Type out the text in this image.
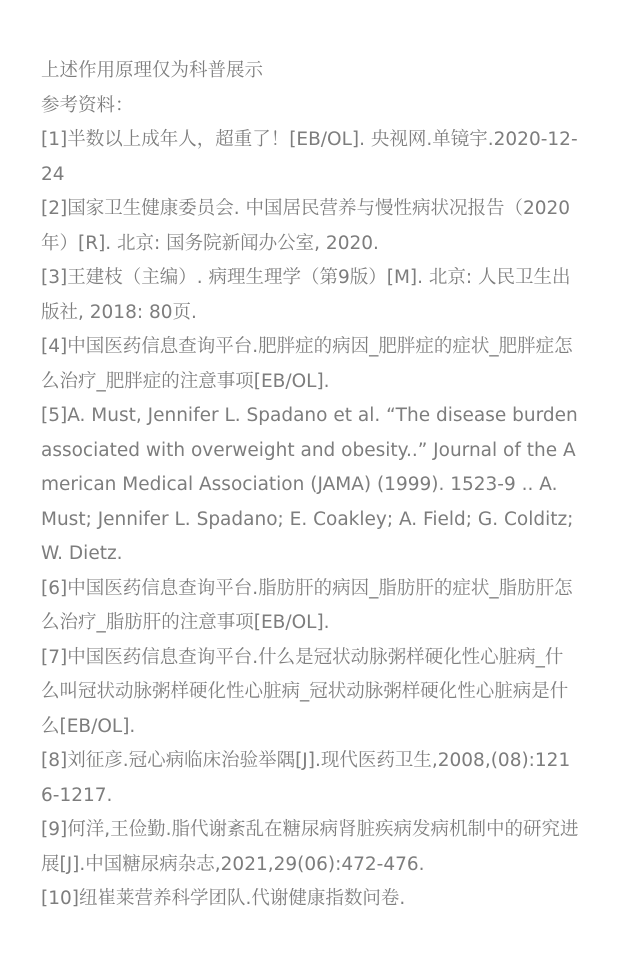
上述作用原理仅为科普展示
参考资料：
[1]半数以上成年人，超重了！[EB/OL]. 央视网.单镜宇.2020-12-24
[2]国家卫生健康委员会. 中国居民营养与慢性病状况报告（2020年）[R]. 北京: 国务院新闻办公室, 2020.
[3]王建枝（主编）. 病理生理学（第9版）[M]. 北京: 人民卫生出版社, 2018: 80页.
[4]中国医药信息查询平台.肥胖症的病因_肥胖症的症状_肥胖症怎么治疗_肥胖症的注意事项[EB/OL].
[5]A. Must, Jennifer L. Spadano et al. “The disease burden associated with overweight and obesity..” Journal of the American Medical Association (JAMA) (1999). 1523-9 .. A. Must; Jennifer L. Spadano; E. Coakley; A. Field; G. Colditz; W. Dietz.
[6]中国医药信息查询平台.脂肪肝的病因_脂肪肝的症状_脂肪肝怎么治疗_脂肪肝的注意事项[EB/OL].
[7]中国医药信息查询平台.什么是冠状动脉粥样硬化性心脏病_什么叫冠状动脉粥样硬化性心脏病_冠状动脉粥样硬化性心脏病是什么[EB/OL].
[8]刘征彦.冠心病临床治验举隅[J].现代医药卫生,2008,(08):1216-1217.
[9]何洋,王俭勤.脂代谢紊乱在糖尿病肾脏疾病发病机制中的研究进展[J].中国糖尿病杂志,2021,29(06):472-476.
[10]纽崔莱营养科学团队.代谢健康指数问卷.
